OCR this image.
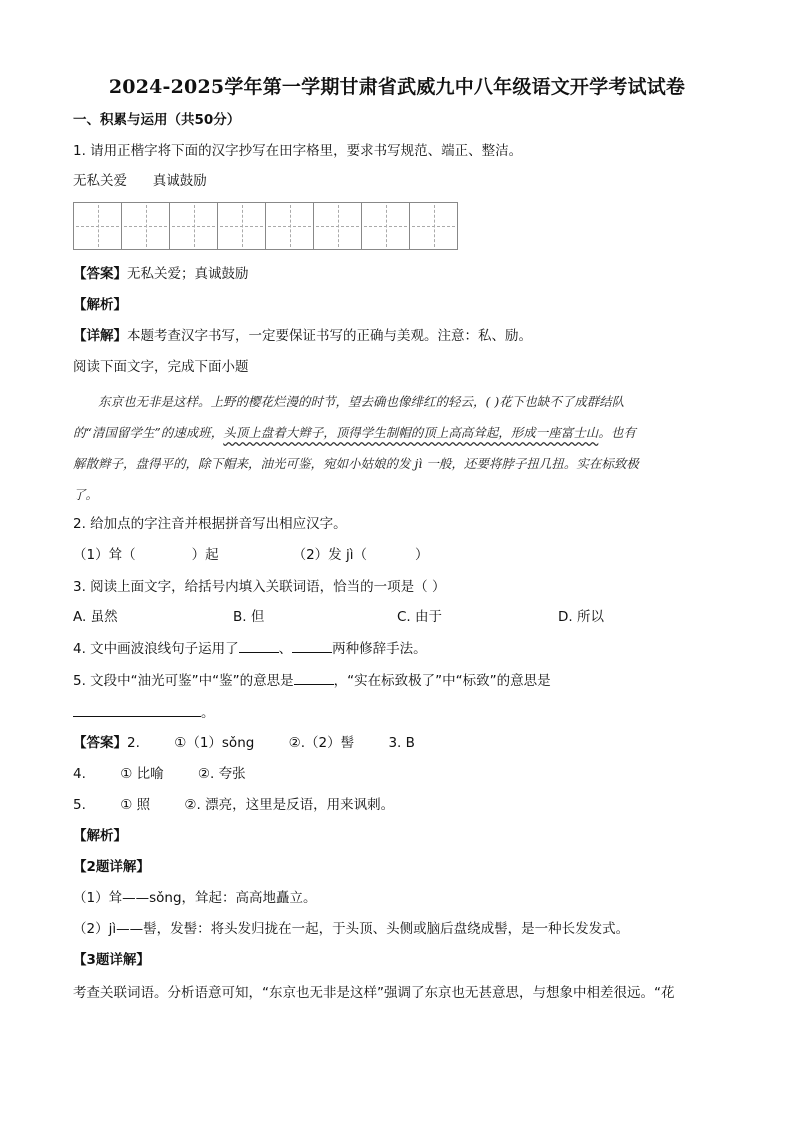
2024-2025学年第一学期甘肃省武威九中八年级语文开学考试试卷
一、积累与运用（共50分）
1. 请用正楷字将下面的汉字抄写在田字格里，要求书写规范、端正、整洁。
无私关爱 真诚鼓励
【答案】无私关爱；真诚鼓励
【解析】
【详解】本题考查汉字书写，一定要保证书写的正确与美观。注意：私、励。
阅读下面文字，完成下面小题
东京也无非是这样。上野的樱花烂漫的时节，望去确也像绯红的轻云，( )花下也缺不了成群结队
的“清国留学生”的速成班，头顶上盘着大辫子，顶得学生制帽的顶上高高耸起，形成一座富士山。也有
解散辫子，盘得平的，除下帽来，油光可鉴，宛如小姑娘的发 jì 一般，还要将脖子扭几扭。实在标致极
了。
2. 给加点的字注音并根据拼音写出相应汉字。
（1）耸（	）起	（2）发 jì（	）
3. 阅读上面文字，给括号内填入关联词语，恰当的一项是（ ）
A. 虽然	B. 但	C. 由于	D. 所以
4. 文中画波浪线句子运用了	、	两种修辞手法。
5. 文段中“油光可鉴”中“鉴”的意思是	，“实在标致极了”中“标致”的意思是
。
【答案】2.        ①（1）sǒng        ②.（2）髻        3. B
4.        ① 比喻        ②. 夸张
5.        ① 照        ②. 漂亮，这里是反语，用来讽刺。
【解析】
【2题详解】
（1）耸——sǒng，耸起：高高地矗立。
（2）jì——髻，发髻：将头发归拢在一起，于头顶、头侧或脑后盘绕成髻，是一种长发发式。
【3题详解】
考查关联词语。分析语意可知，“东京也无非是这样”强调了东京也无甚意思，与想象中相差很远。“花
